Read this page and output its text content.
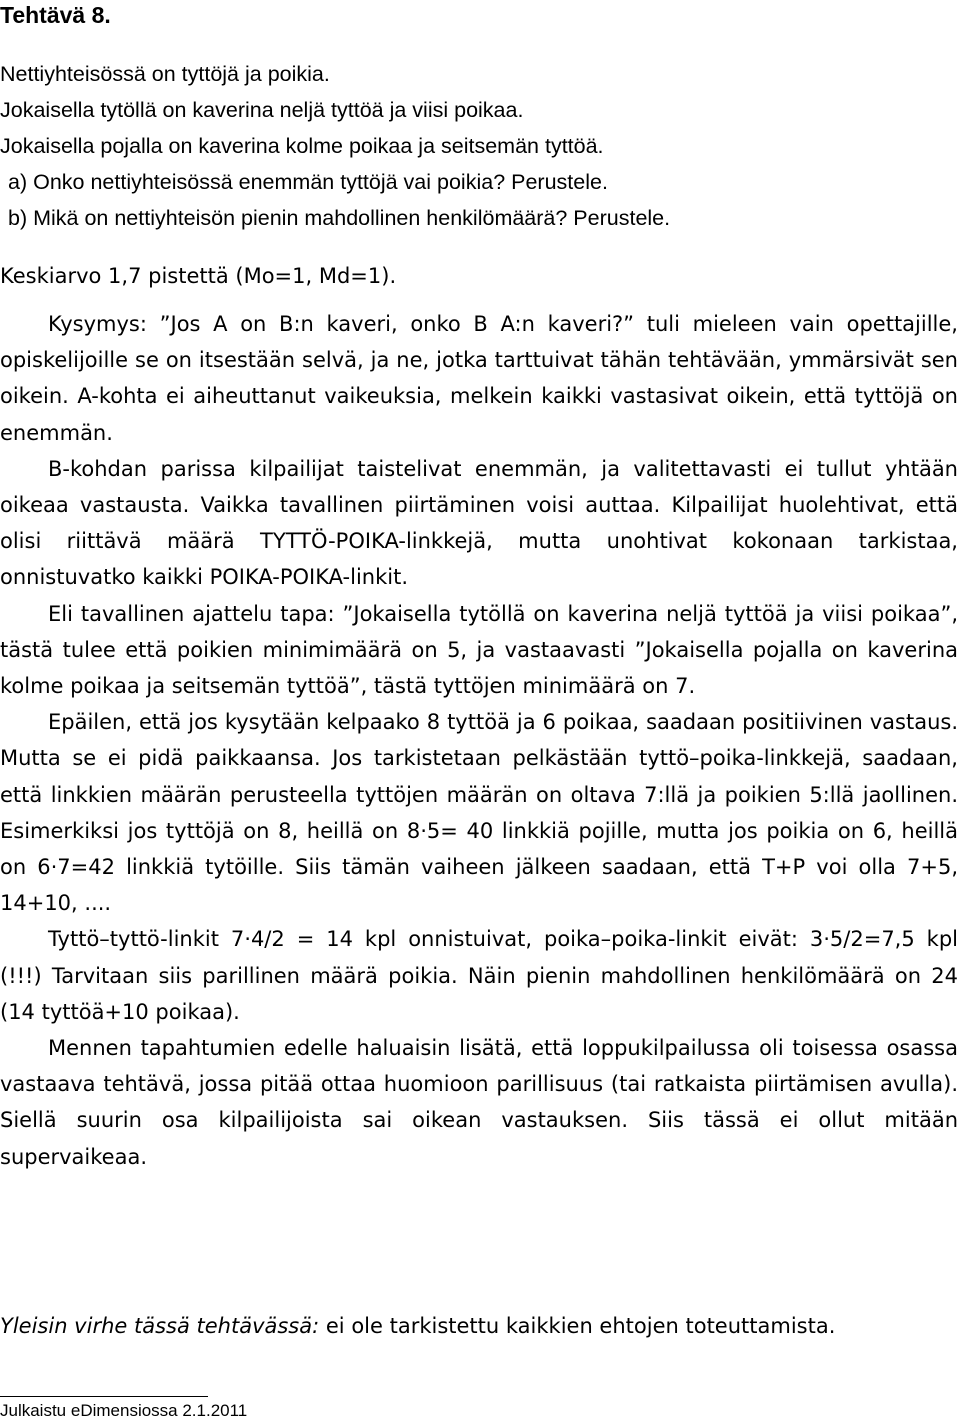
Tehtävä 8.

Nettiyhteisössä on tyttöjä ja poikia.

Jokaisella tytöllä on kaverina neljä tyttöä ja viisi poikaa.

Jokaisella pojalla on kaverina kolme poikaa ja seitsemän tyttöä.

a) Onko nettiyhteisössä enemmän tyttöjä vai poikia? Perustele.

b) Mikä on nettiyhteisön pienin mahdollinen henkilömäärä? Perustele.

Keskiarvo 1,7 pistettä (Mo=1, Md=1).

Kysymys: ”Jos A on B:n kaveri, onko B A:n kaveri?” tuli mieleen vain opettajille, opiskelijoille se on itsestään selvä, ja ne, jotka tarttuivat tähän tehtävään, ymmärsivät sen oikein. A-kohta ei aiheuttanut vaikeuksia, melkein kaikki vastasivat oikein, että tyttöjä on enemmän.

B-kohdan parissa kilpailijat taistelivat enemmän, ja valitettavasti ei tullut yhtään oikeaa vastausta. Vaikka tavallinen piirtäminen voisi auttaa. Kilpailijat huolehtivat, että olisi riittävä määrä TYTTÖ-POIKA-linkkejä, mutta unohtivat kokonaan tarkistaa, onnistuvatko kaikki POIKA-POIKA-linkit.

Eli tavallinen ajattelu tapa: ”Jokaisella tytöllä on kaverina neljä tyttöä ja viisi poikaa”, tästä tulee että poikien minimimäärä on 5, ja vastaavasti ”Jokaisella pojalla on kaverina kolme poikaa ja seitsemän tyttöä”, tästä tyttöjen minimäärä on 7.

Epäilen, että jos kysytään kelpaako 8 tyttöä ja 6 poikaa, saadaan positiivinen vastaus. Mutta se ei pidä paikkaansa. Jos tarkistetaan pelkästään tyttö–poika-linkkejä, saadaan, että linkkien määrän perusteella tyttöjen määrän on oltava 7:llä ja poikien 5:llä jaollinen. Esimerkiksi jos tyttöjä on 8, heillä on 8⋅5= 40 linkkiä pojille, mutta jos poikia on 6, heillä on 6⋅7=42 linkkiä tytöille. Siis tämän vaiheen jälkeen saadaan, että T+P voi olla 7+5, 14+10, ....

Tyttö–tyttö-linkit 7⋅4/2 = 14 kpl onnistuivat, poika–poika-linkit eivät: 3⋅5/2=7,5 kpl (!!!) Tarvitaan siis parillinen määrä poikia. Näin pienin mahdollinen henkilömäärä on 24 (14 tyttöä+10 poikaa).

Mennen tapahtumien edelle haluaisin lisätä, että loppukilpailussa oli toisessa osassa vastaava tehtävä, jossa pitää ottaa huomioon parillisuus (tai ratkaista piirtämisen avulla). Siellä suurin osa kilpailijoista sai oikean vastauksen. Siis tässä ei ollut mitään supervaikeaa.

Yleisin virhe tässä tehtävässä: ei ole tarkistettu kaikkien ehtojen toteuttamista.

Julkaistu eDimensiossa 2.1.2011
